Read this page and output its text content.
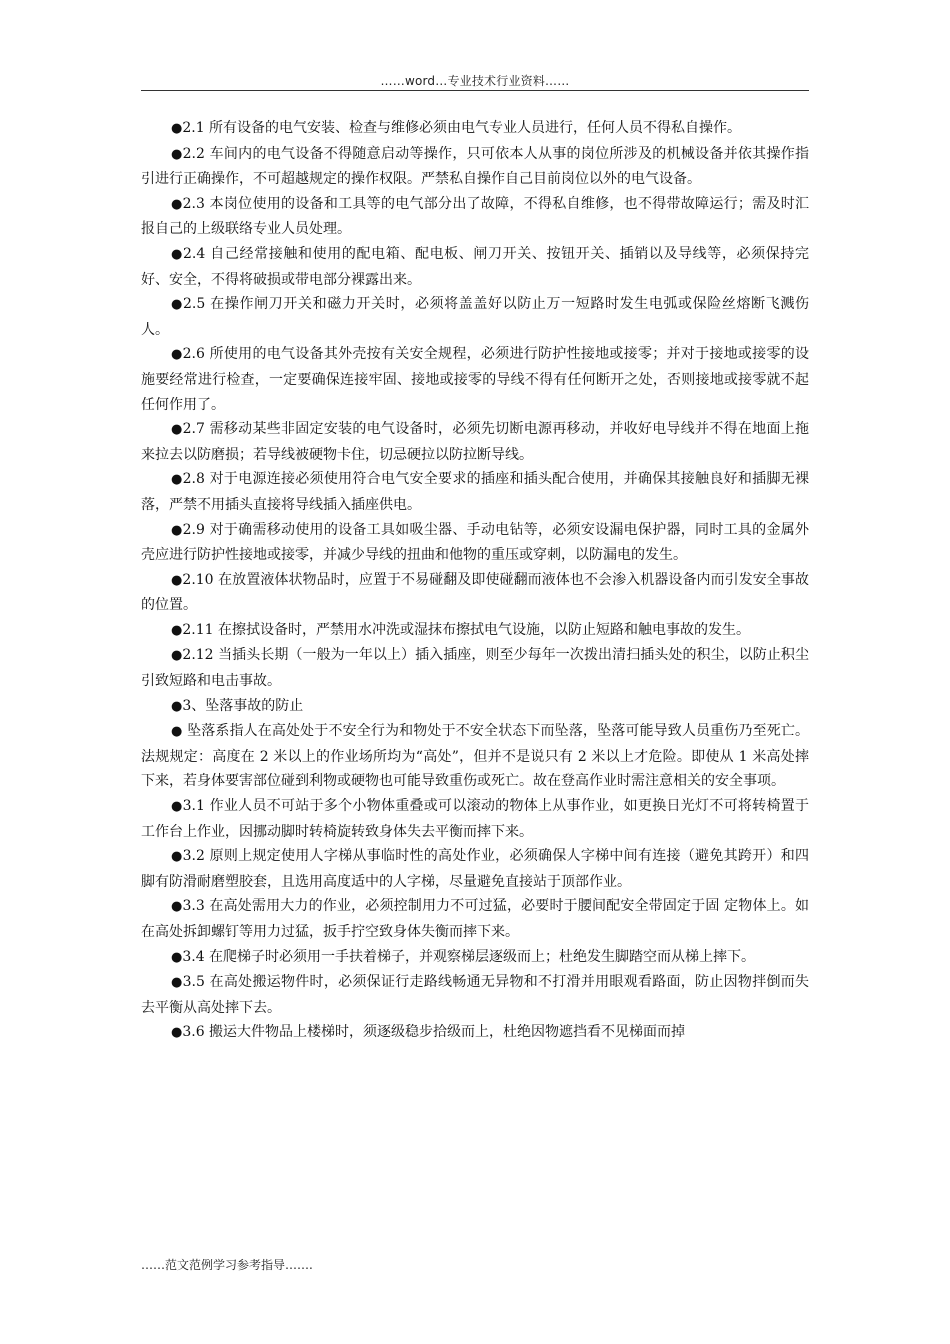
……word…专业技术行业资料……

●2.1 所有设备的电气安装、检查与维修必须由电气专业人员进行，任何人员不得私自操作。

●2.2 车间内的电气设备不得随意启动等操作，只可依本人从事的岗位所涉及的机械设备并依其操作指引进行正确操作，不可超越规定的操作权限。严禁私自操作自己目前岗位以外的电气设备。

●2.3 本岗位使用的设备和工具等的电气部分出了故障，不得私自维修，也不得带故障运行；需及时汇报自己的上级联络专业人员处理。

●2.4 自己经常接触和使用的配电箱、配电板、闸刀开关、按钮开关、插销以及导线等，必须保持完好、安全，不得将破损或带电部分裸露出来。

●2.5 在操作闸刀开关和磁力开关时，必须将盖盖好以防止万一短路时发生电弧或保险丝熔断飞溅伤人。

●2.6 所使用的电气设备其外壳按有关安全规程，必须进行防护性接地或接零；并对于接地或接零的设施要经常进行检查，一定要确保连接牢固、接地或接零的导线不得有任何断开之处，否则接地或接零就不起任何作用了。

●2.7 需移动某些非固定安装的电气设备时，必须先切断电源再移动，并收好电导线并不得在地面上拖来拉去以防磨损；若导线被硬物卡住，切忌硬拉以防拉断导线。

●2.8 对于电源连接必须使用符合电气安全要求的插座和插头配合使用，并确保其接触良好和插脚无裸落，严禁不用插头直接将导线插入插座供电。

●2.9 对于确需移动使用的设备工具如吸尘器、手动电钻等，必须安设漏电保护器，同时工具的金属外壳应进行防护性接地或接零，并减少导线的扭曲和他物的重压或穿刺，以防漏电的发生。

●2.10 在放置液体状物品时，应置于不易碰翻及即使碰翻而液体也不会渗入机器设备内而引发安全事故的位置。

●2.11 在擦拭设备时，严禁用水冲洗或湿抹布擦拭电气设施，以防止短路和触电事故的发生。

●2.12 当插头长期（一般为一年以上）插入插座，则至少每年一次拨出清扫插头处的积尘，以防止积尘引致短路和电击事故。

●3、坠落事故的防止

● 坠落系指人在高处处于不安全行为和物处于不安全状态下而坠落，坠落可能导致人员重伤乃至死亡。法规规定：高度在 2 米以上的作业场所均为“高处”，但并不是说只有 2 米以上才危险。即使从 1 米高处摔下来，若身体要害部位碰到利物或硬物也可能导致重伤或死亡。故在登高作业时需注意相关的安全事项。

●3.1 作业人员不可站于多个小物体重叠或可以滚动的物体上从事作业，如更换日光灯不可将转椅置于工作台上作业，因挪动脚时转椅旋转致身体失去平衡而摔下来。

●3.2 原则上规定使用人字梯从事临时性的高处作业，必须确保人字梯中间有连接（避免其跨开）和四脚有防滑耐磨塑胶套，且选用高度适中的人字梯，尽量避免直接站于顶部作业。

●3.3 在高处需用大力的作业，必须控制用力不可过猛，必要时于腰间配安全带固定于固 定物体上。如在高处拆卸螺钉等用力过猛，扳手拧空致身体失衡而摔下来。

●3.4 在爬梯子时必须用一手扶着梯子，并观察梯层逐级而上；杜绝发生脚踏空而从梯上摔下。

●3.5 在高处搬运物件时，必须保证行走路线畅通无异物和不打滑并用眼观看路面，防止因物拌倒而失去平衡从高处摔下去。

●3.6 搬运大件物品上楼梯时，须逐级稳步拾级而上，杜绝因物遮挡看不见梯面而掉

……范文范例学习参考指导…….
